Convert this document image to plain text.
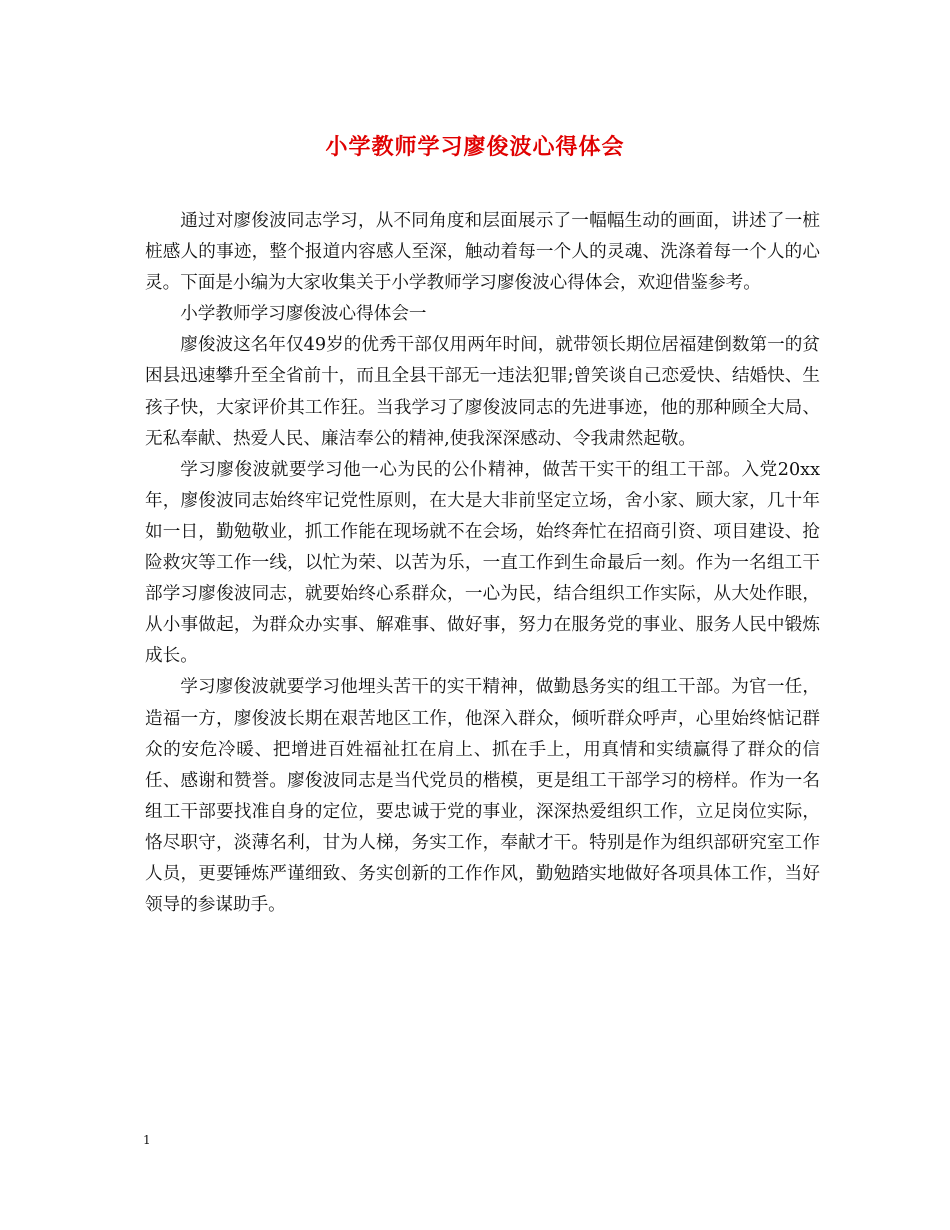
小学教师学习廖俊波心得体会

通过对廖俊波同志学习，从不同角度和层面展示了一幅幅生动的画面，讲述了一桩桩感人的事迹，整个报道内容感人至深，触动着每一个人的灵魂、洗涤着每一个人的心灵。下面是小编为大家收集关于小学教师学习廖俊波心得体会，欢迎借鉴参考。

小学教师学习廖俊波心得体会一

廖俊波这名年仅49岁的优秀干部仅用两年时间，就带领长期位居福建倒数第一的贫困县迅速攀升至全省前十，而且全县干部无一违法犯罪;曾笑谈自己恋爱快、结婚快、生孩子快，大家评价其工作狂。当我学习了廖俊波同志的先进事迹，他的那种顾全大局、无私奉献、热爱人民、廉洁奉公的精神,使我深深感动、令我肃然起敬。

学习廖俊波就要学习他一心为民的公仆精神，做苦干实干的组工干部。入党20xx年，廖俊波同志始终牢记党性原则，在大是大非前坚定立场，舍小家、顾大家，几十年如一日，勤勉敬业，抓工作能在现场就不在会场，始终奔忙在招商引资、项目建设、抢险救灾等工作一线，以忙为荣、以苦为乐，一直工作到生命最后一刻。作为一名组工干部学习廖俊波同志，就要始终心系群众，一心为民，结合组织工作实际，从大处作眼，从小事做起，为群众办实事、解难事、做好事，努力在服务党的事业、服务人民中锻炼成长。

学习廖俊波就要学习他埋头苦干的实干精神，做勤恳务实的组工干部。为官一任，造福一方，廖俊波长期在艰苦地区工作，他深入群众，倾听群众呼声，心里始终惦记群众的安危冷暖、把增进百姓福祉扛在肩上、抓在手上，用真情和实绩赢得了群众的信任、感谢和赞誉。廖俊波同志是当代党员的楷模，更是组工干部学习的榜样。作为一名组工干部要找准自身的定位，要忠诚于党的事业，深深热爱组织工作，立足岗位实际，恪尽职守，淡薄名利，甘为人梯，务实工作，奉献才干。特别是作为组织部研究室工作人员，更要锤炼严谨细致、务实创新的工作作风，勤勉踏实地做好各项具体工作，当好领导的参谋助手。

1
